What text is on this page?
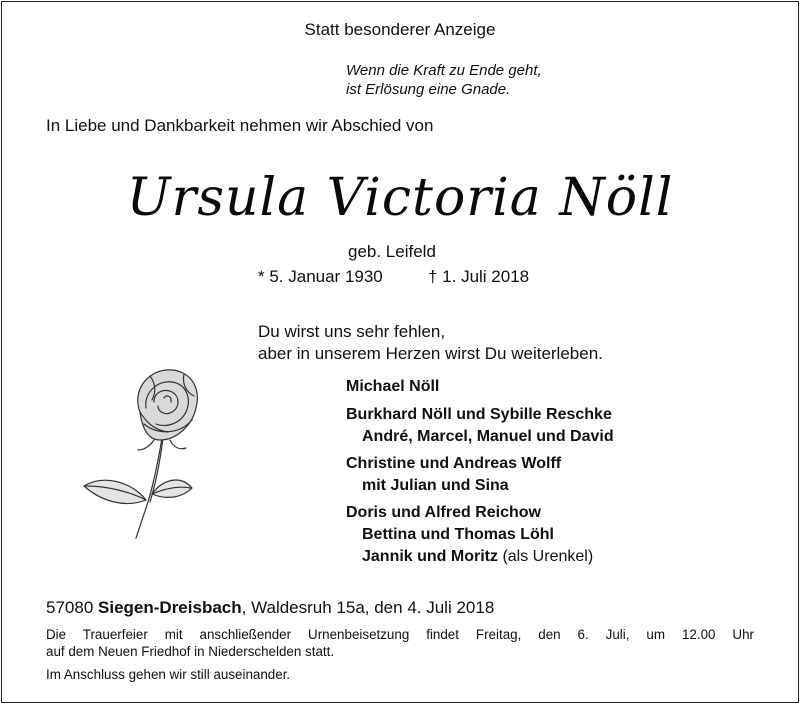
Statt besonderer Anzeige
Wenn die Kraft zu Ende geht,
ist Erlösung eine Gnade.
In Liebe und Dankbarkeit nehmen wir Abschied von
Ursula Victoria Nöll
geb. Leifeld
* 5. Januar 1930	† 1. Juli 2018
Du wirst uns sehr fehlen,
aber in unserem Herzen wirst Du weiterleben.
Michael Nöll
Burkhard Nöll und Sybille Reschke
André, Marcel, Manuel und David
Christine und Andreas Wolff
mit Julian und Sina
Doris und Alfred Reichow
Bettina und Thomas Löhl
Jannik und Moritz (als Urenkel)
57080 Siegen-Dreisbach, Waldesruh 15a, den 4. Juli 2018
Die Trauerfeier mit anschließender Urnenbeisetzung findet Freitag, den 6. Juli, um 12.00 Uhr
auf dem Neuen Friedhof in Niederschelden statt.
Im Anschluss gehen wir still auseinander.
